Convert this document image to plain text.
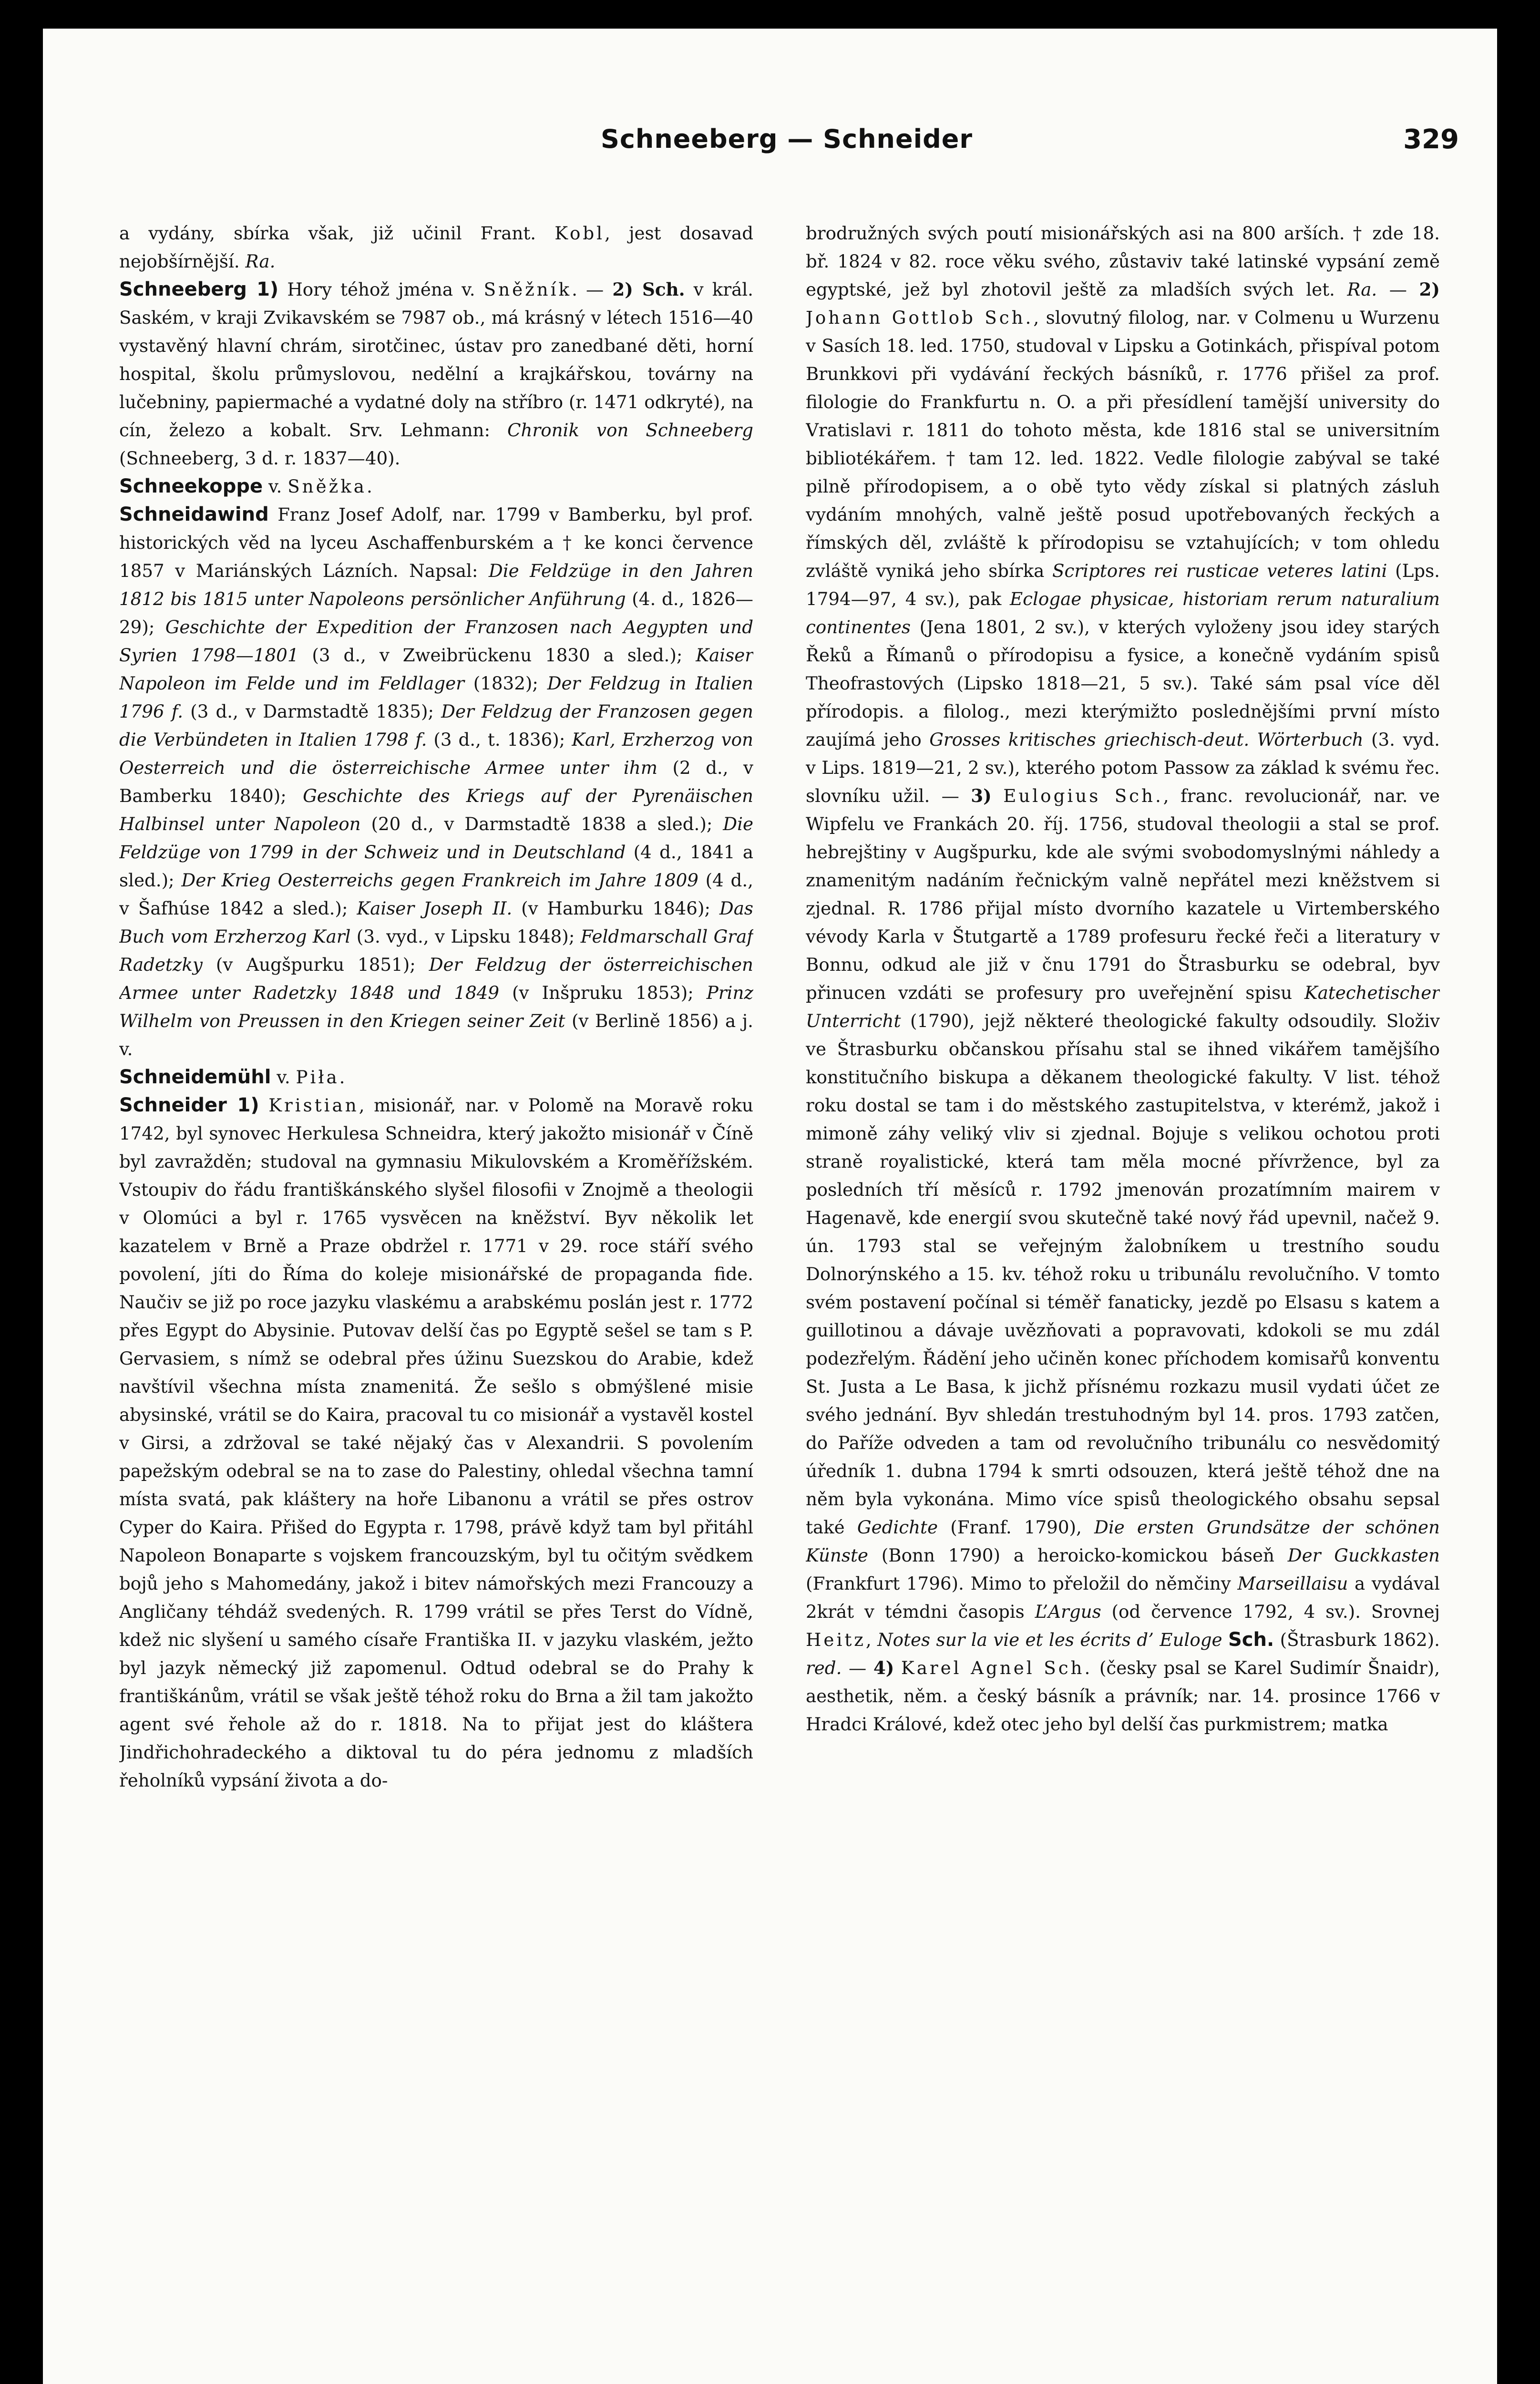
Schneeberg — Schneider	329

a vydány, sbírka však, již učinil Frant. Kobl, jest dosavad nejobšírnější. Ra.

Schneeberg 1) Hory téhož jména v. Sněžník. — 2) Sch. v král. Saském, v kraji Zvikavském se 7987 ob., má krásný v létech 1516—40 vystavěný hlavní chrám, sirotčinec, ústav pro zanedbané děti, horní hospital, školu průmyslovou, nedělní a krajkářskou, továrny na lučebniny, papiermaché a vydatné doly na stříbro (r. 1471 odkryté), na cín, železo a kobalt. Srv. Lehmann: Chronik von Schneeberg (Schneeberg, 3 d. r. 1837—40).

Schneekoppe v. Sněžka.

Schneidawind Franz Josef Adolf, nar. 1799 v Bamberku, byl prof. historických věd na lyceu Aschaffenburském a † ke konci července 1857 v Mariánských Lázních. Napsal: Die Feldzüge in den Jahren 1812 bis 1815 unter Napoleons persönlicher Anführung (4. d., 1826—29); Geschichte der Expedition der Franzosen nach Aegypten und Syrien 1798—1801 (3 d., v Zweibrückenu 1830 a sled.); Kaiser Napoleon im Felde und im Feldlager (1832); Der Feldzug in Italien 1796 f. (3 d., v Darmstadtě 1835); Der Feldzug der Franzosen gegen die Verbündeten in Italien 1798 f. (3 d., t. 1836); Karl, Erzherzog von Oesterreich und die österreichische Armee unter ihm (2 d., v Bamberku 1840); Geschichte des Kriegs auf der Pyrenäischen Halbinsel unter Napoleon (20 d., v Darmstadtě 1838 a sled.); Die Feldzüge von 1799 in der Schweiz und in Deutschland (4 d., 1841 a sled.); Der Krieg Oesterreichs gegen Frankreich im Jahre 1809 (4 d., v Šafhúse 1842 a sled.); Kaiser Joseph II. (v Hamburku 1846); Das Buch vom Erzherzog Karl (3. vyd., v Lipsku 1848); Feldmarschall Graf Radetzky (v Augšpurku 1851); Der Feldzug der österreichischen Armee unter Radetzky 1848 und 1849 (v Inšpruku 1853); Prinz Wilhelm von Preussen in den Kriegen seiner Zeit (v Berlině 1856) a j. v.

Schneidemühl v. Piła.

Schneider 1) Kristian, misionář, nar. v Polomě na Moravě roku 1742, byl synovec Herkulesa Schneidra, který jakožto misionář v Číně byl zavražděn; studoval na gymnasiu Mikulovském a Kroměřížském. Vstoupiv do řádu františkánského slyšel filosofii v Znojmě a theologii v Olomúci a byl r. 1765 vysvěcen na kněžství. Byv několik let kazatelem v Brně a Praze obdržel r. 1771 v 29. roce stáří svého povolení, jíti do Říma do koleje misionářské de propaganda fide. Naučiv se již po roce jazyku vlaskému a arabskému poslán jest r. 1772 přes Egypt do Abysinie. Putovav delší čas po Egyptě sešel se tam s P. Gervasiem, s nímž se odebral přes úžinu Suezskou do Arabie, kdež navštívil všechna místa znamenitá. Že sešlo s obmýšlené misie abysinské, vrátil se do Kaira, pracoval tu co misionář a vystavěl kostel v Girsi, a zdržoval se také nějaký čas v Alexandrii. S povolením papežským odebral se na to zase do Palestiny, ohledal všechna tamní místa svatá, pak kláštery na hoře Libanonu a vrátil se přes ostrov Cyper do Kaira. Přišed do Egypta r. 1798, právě když tam byl přitáhl Napoleon Bonaparte s vojskem francouzským, byl tu očitým svědkem bojů jeho s Mahomedány, jakož i bitev námořských mezi Francouzy a Angličany téhdáž svedených. R. 1799 vrátil se přes Terst do Vídně, kdež nic slyšení u samého císaře Františka II. v jazyku vlaském, ježto byl jazyk německý již zapomenul. Odtud odebral se do Prahy k františkánům, vrátil se však ještě téhož roku do Brna a žil tam jakožto agent své řeholе až do r. 1818. Na to přijat jest do kláštera Jindřichohradeckého a diktoval tu do péra jednomu z mladších řeholníků vypsání života a do-

brodružných svých poutí misionářských asi na 800 arších. † zde 18. bř. 1824 v 82. roce věku svého, zůstaviv také latinské vypsání země egyptské, jež byl zhotovil ještě za mladších svých let. Ra. — 2) Johann Gottlob Sch., slovutný filolog, nar. v Colmenu u Wurzenu v Sasích 18. led. 1750, studoval v Lipsku a Gotinkách, přispíval potom Brunkkovi při vydávání řeckých básníků, r. 1776 přišel za prof. filologie do Frankfurtu n. O. a při přesídlení tamější university do Vratislavi r. 1811 do tohoto města, kde 1816 stal se universitním bibliotékářem. † tam 12. led. 1822. Vedle filologie zabýval se také pilně přírodopisem, a o obě tyto vědy získal si platných zásluh vydáním mnohých, valně ještě posud upotřebovaných řeckých a římských děl, zvláště k přírodopisu se vztahujících; v tom ohledu zvláště vyniká jeho sbírka Scriptores rei rusticae veteres latini (Lps. 1794—97, 4 sv.), pak Eclogae physicae, historiam rerum naturalium continentes (Jena 1801, 2 sv.), v kterých vyloženy jsou idey starých Řeků a Římanů o přírodopisu a fysice, a konečně vydáním spisů Theofrastových (Lipsko 1818—21, 5 sv.). Také sám psal více děl přírodopis. a filolog., mezi kterýmižto posledněјšími první místo zaujímá jeho Grosses kritisches griechisch-deut. Wörterbuch (3. vyd. v Lips. 1819—21, 2 sv.), kterého potom Passow za základ k svému řec. slovníku užil. — 3) Eulogius Sch., franc. revolucionář, nar. ve Wipfelu ve Frankách 20. říj. 1756, studoval theologii a stal se prof. hebrejštiny v Augšpurku, kde ale svými svobodomyslnými náhledy a znamenitým nadáním řečnickým valně nepřátel mezi kněžstvem si zjednal. R. 1786 přijal místo dvorního kazatele u Virtemberského vévody Karla v Štutgartě a 1789 profesuru řecké řeči a literatury v Bonnu, odkud ale již v čnu 1791 do Štrasburku se odebral, byv přinucen vzdáti se profesury pro uveřejnění spisu Katechetischer Unterricht (1790), jejž některé theologické fakulty odsoudily. Složiv ve Štrasburku občanskou přísahu stal se ihned vikářem tamějšího konstitučního biskupa a děkanem theologické fakulty. V list. téhož roku dostal se tam i do městského zastupitelstva, v kterémž, jakož i mimoně záhy veliký vliv si zjednal. Bojuje s velikou ochotou proti straně royalistické, která tam měla mocné přívržence, byl za posledních tří měsíců r. 1792 jmenován prozatímním mairem v Hagenavě, kde energií svou skutečně také nový řád upevnil, načež 9. ún. 1793 stal se veřejným žalobníkem u trestního soudu Dolnorýnského a 15. kv. téhož roku u tribunálu revolučního. V tomto svém postavení počínal si téměř fanaticky, jezdě po Elsasu s katem a guillotinou a dávaje uvězňovati a popravovati, kdokoli se mu zdál podezřelým. Řádění jeho učiněn konec příchodem komisařů konventu St. Justa a Le Basa, k jichž přísnému rozkazu musil vydati účet ze svého jednání. Byv shledán trestuhodným byl 14. pros. 1793 zatčen, do Paříže odveden a tam od revolučního tribunálu co nesvědomitý úředník 1. dubna 1794 k smrti odsouzen, která ještě téhož dne na něm byla vykonána. Mimo více spisů theologického obsahu sepsal také Gedichte (Franf. 1790), Die ersten Grundsätze der schönen Künste (Bonn 1790) a heroicko-komickou báseň Der Guckkasten (Frankfurt 1796). Mimo to přeložil do němčiny Marseillaisu a vydával 2krát v témdni časopis L’Argus (od července 1792, 4 sv.). Srovnej Heitz, Notes sur la vie et les écrits d’ Euloge Sch. (Štrasburk 1862). red. — 4) Karel Agnel Sch. (česky psal se Karel Sudimír Šnaidr), aesthetik, něm. a český básník a právník; nar. 14. prosince 1766 v Hradci Králové, kdež otec jeho byl delší čas purkmistrem; matka
